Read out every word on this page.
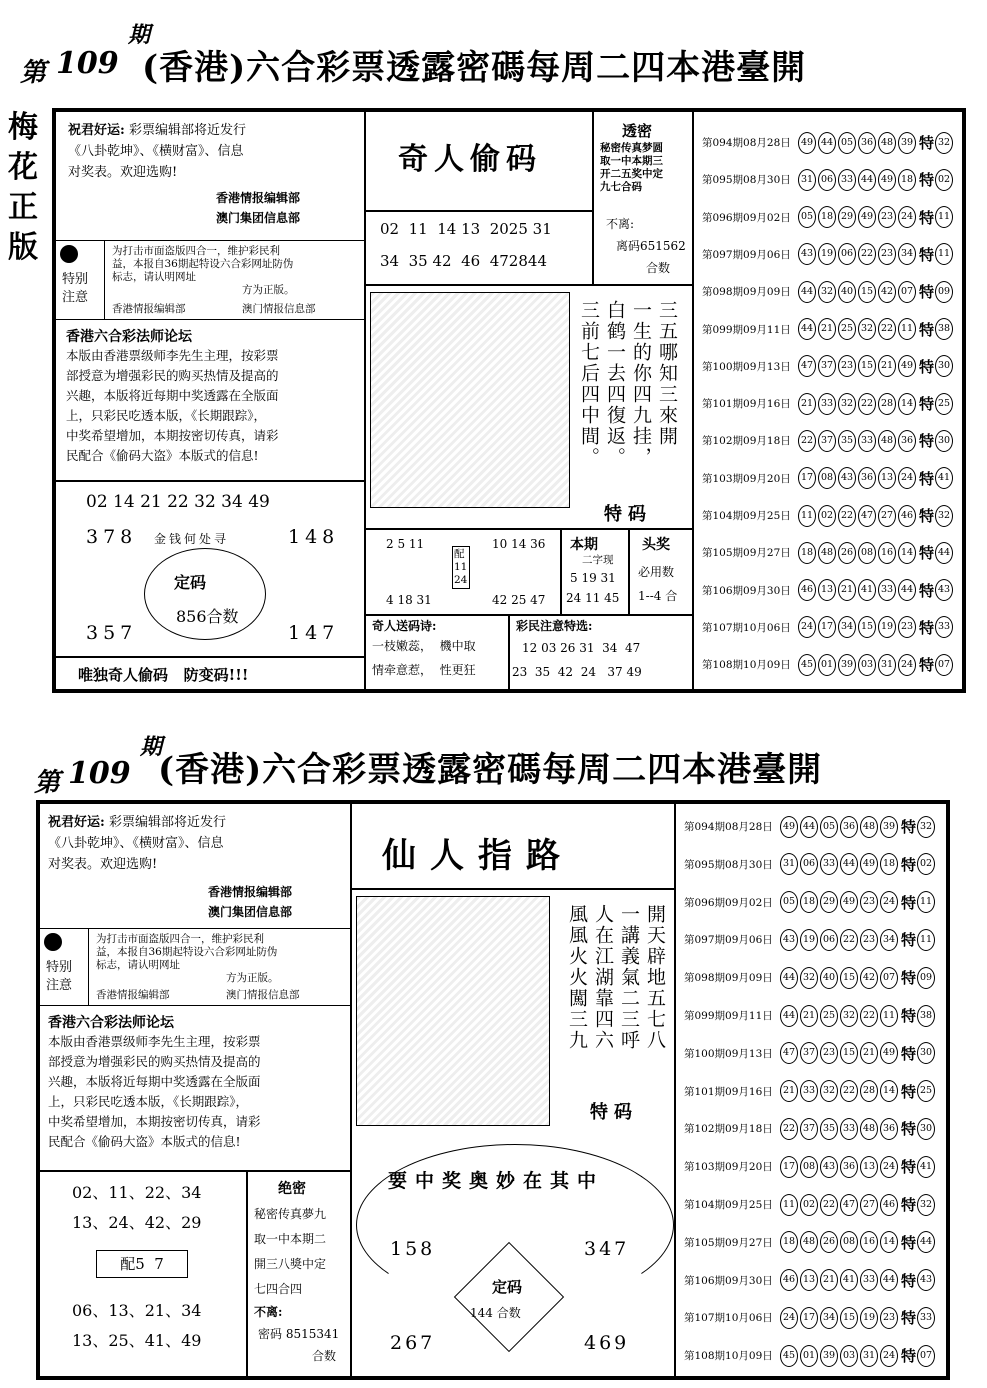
第 109
期
(香港)六合彩票透露密碼每周二四本港臺開
梅花正版
祝君好运: 彩票编辑部将近发行
《八卦乾坤》、《横财富》、信息
对奖表。欢迎选购!
香港情报编辑部
澳门集团信息部
特别注意
为打击市面盗版四合一，维护彩民利
益，本报自36期起特设六合彩网址防伪
标志，请认明网址
方为正版。
香港情报编辑部	澳门情报信息部
香港六合彩法师论坛
本版由香港票级师李先生主理，按彩票
部授意为增强彩民的购买热情及提高的
兴趣，本版将近每期中奖透露在全版面
上，只彩民吃透本版，《长期跟踪》，
中奖希望增加，本期按密切传真，请彩
民配合《偷码大盗》本版式的信息!
02 14 21 22 32 34 49
378	148
金钱何处寻
定码
856合数
357	147
唯独奇人偷码   防变码!!!
奇人偷码
02  11  14 13  2025 31
34  35 42  46  472844
三五哪知三來開
一生的你四九挂，
白鹤一去四復返。
三前七后四中間。
特码
透密
秘密传真梦圆
取一中本期三
开二五奖中定
九七合码
不离:
离码651562
合数
2 5 11
4 18 31
配11 24
10 14 36
42 25 47
本期
二字现
5 19 31
24 11 45
头奖
必用数
1--4 合
奇人送码诗:
一枝嫩蕊，  機中取
情牵意惹，  性更狂
彩民注意特选:
12 03 26 31  34  47
23  35  42  24   37 49
第094期08月28日	49 44 05 36 48 39 特 32
第095期08月30日	31 06 33 44 49 18 特 02
第096期09月02日	05 18 29 49 23 24 特 11
第097期09月06日	43 19 06 22 23 34 特 11
第098期09月09日	44 32 40 15 42 07 特 09
第099期09月11日	44 21 25 32 22 11 特 38
第100期09月13日	47 37 23 15 21 49 特 30
第101期09月16日	21 33 32 22 28 14 特 25
第102期09月18日	22 37 35 33 48 36 特 30
第103期09月20日	17 08 43 36 13 24 特 41
第104期09月25日	11 02 22 47 27 46 特 32
第105期09月27日	18 48 26 08 16 14 特 44
第106期09月30日	46 13 21 41 33 44 特 43
第107期10月06日	24 17 34 15 19 23 特 33
第108期10月09日	45 01 39 03 31 24 特 07
第 109
期
(香港)六合彩票透露密碼每周二四本港臺開
祝君好运: 彩票编辑部将近发行
《八卦乾坤》、《横财富》、信息
对奖表。欢迎选购!
香港情报编辑部
澳门集团信息部
特别注意
为打击市面盗版四合一，维护彩民利
益，本报自36期起特设六合彩网址防伪
标志，请认明网址
方为正版。
香港情报编辑部	澳门情报信息部
香港六合彩法师论坛
本版由香港票级师李先生主理，按彩票
部授意为增强彩民的购买热情及提高的
兴趣，本版将近每期中奖透露在全版面
上，只彩民吃透本版，《长期跟踪》，
中奖希望增加，本期按密切传真，请彩
民配合《偷码大盗》本版式的信息!
02、11、22、34
13、24、42、29
配5  7
06、13、21、34
13、25、41、49
绝密
秘密传真夢九
取一中本期二
開三八獎中定
七四合四
不离:
密码 8515341
合数
仙人指路
開天辟地五七八
一講義氣二三呼
人在江湖靠四六
風風火火闖三九
特码
要中奖奥妙在其中
158	347
定码
144 合数
267	469
第094期08月28日	49 44 05 36 48 39 特 32
第095期08月30日	31 06 33 44 49 18 特 02
第096期09月02日	05 18 29 49 23 24 特 11
第097期09月06日	43 19 06 22 23 34 特 11
第098期09月09日	44 32 40 15 42 07 特 09
第099期09月11日	44 21 25 32 22 11 特 38
第100期09月13日	47 37 23 15 21 49 特 30
第101期09月16日	21 33 32 22 28 14 特 25
第102期09月18日	22 37 35 33 48 36 特 30
第103期09月20日	17 08 43 36 13 24 特 41
第104期09月25日	11 02 22 47 27 46 特 32
第105期09月27日	18 48 26 08 16 14 特 44
第106期09月30日	46 13 21 41 33 44 特 43
第107期10月06日	24 17 34 15 19 23 特 33
第108期10月09日	45 01 39 03 31 24 特 07
